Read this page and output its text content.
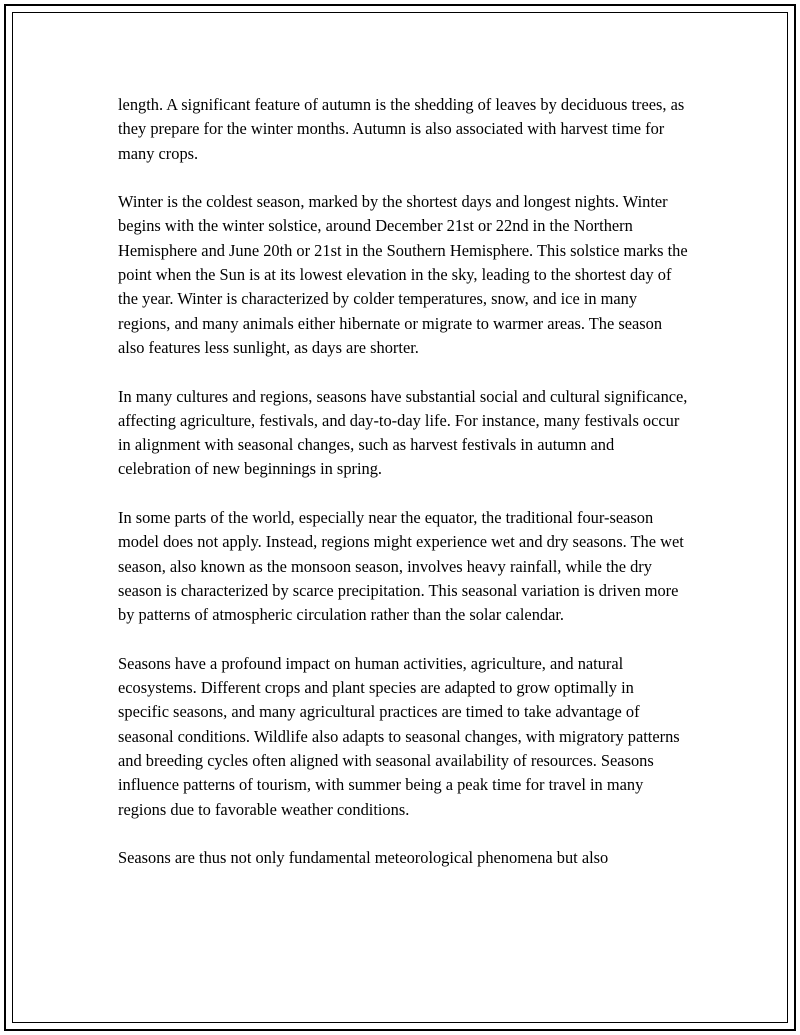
length. A significant feature of autumn is the shedding of leaves by deciduous trees, as they prepare for the winter months. Autumn is also associated with harvest time for many crops.

Winter is the coldest season, marked by the shortest days and longest nights. Winter begins with the winter solstice, around December 21st or 22nd in the Northern Hemisphere and June 20th or 21st in the Southern Hemisphere. This solstice marks the point when the Sun is at its lowest elevation in the sky, leading to the shortest day of the year. Winter is characterized by colder temperatures, snow, and ice in many regions, and many animals either hibernate or migrate to warmer areas. The season also features less sunlight, as days are shorter.

In many cultures and regions, seasons have substantial social and cultural significance, affecting agriculture, festivals, and day-to-day life. For instance, many festivals occur in alignment with seasonal changes, such as harvest festivals in autumn and celebration of new beginnings in spring.

In some parts of the world, especially near the equator, the traditional four-season model does not apply. Instead, regions might experience wet and dry seasons. The wet season, also known as the monsoon season, involves heavy rainfall, while the dry season is characterized by scarce precipitation. This seasonal variation is driven more by patterns of atmospheric circulation rather than the solar calendar.

Seasons have a profound impact on human activities, agriculture, and natural ecosystems. Different crops and plant species are adapted to grow optimally in specific seasons, and many agricultural practices are timed to take advantage of seasonal conditions. Wildlife also adapts to seasonal changes, with migratory patterns and breeding cycles often aligned with seasonal availability of resources. Seasons influence patterns of tourism, with summer being a peak time for travel in many regions due to favorable weather conditions.

Seasons are thus not only fundamental meteorological phenomena but also
